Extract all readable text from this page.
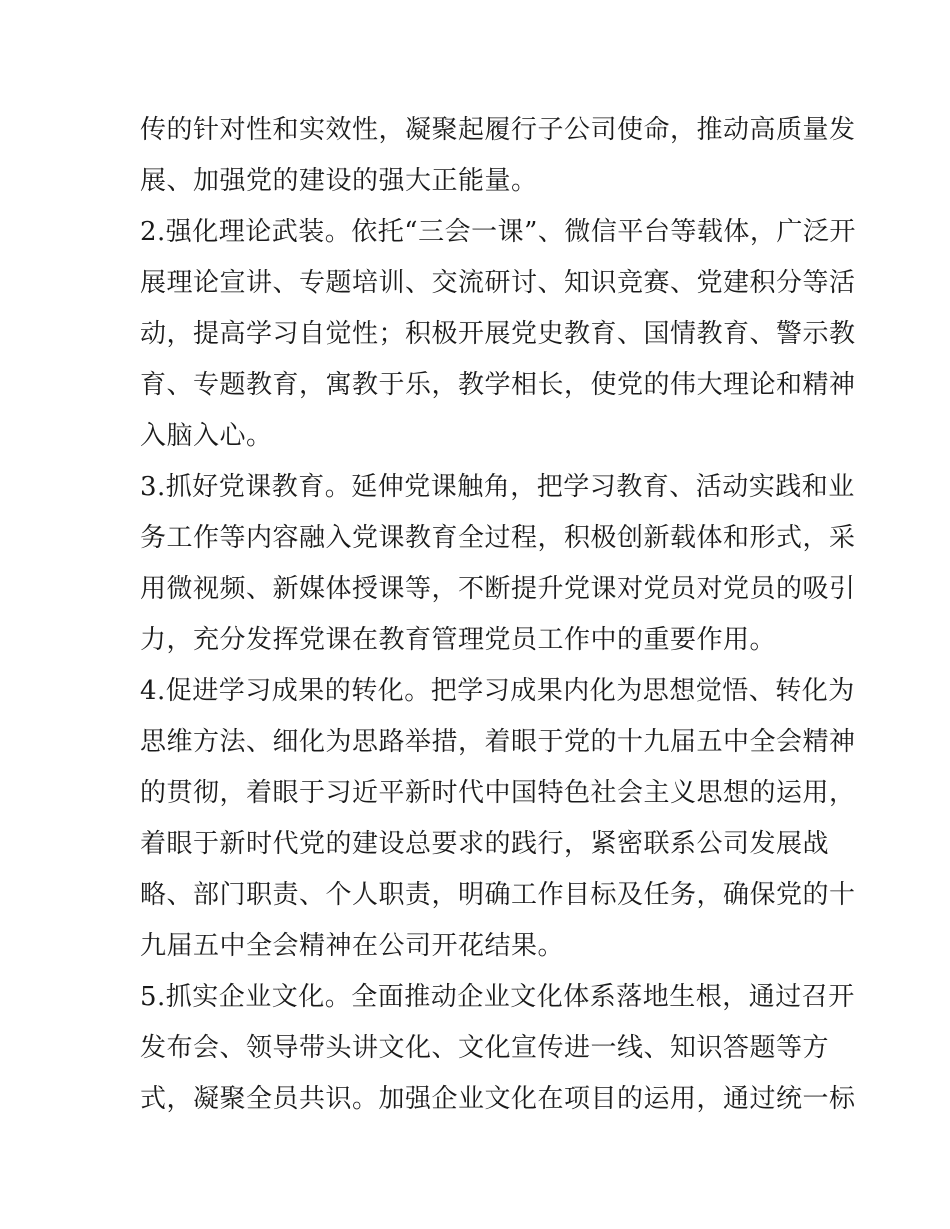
传的针对性和实效性，凝聚起履行子公司使命，推动高质量发
展、加强党的建设的强大正能量。
2.强化理论武装。依托“三会一课”、微信平台等载体，广泛开
展理论宣讲、专题培训、交流研讨、知识竞赛、党建积分等活
动，提高学习自觉性；积极开展党史教育、国情教育、警示教
育、专题教育，寓教于乐，教学相长，使党的伟大理论和精神
入脑入心。
3.抓好党课教育。延伸党课触角，把学习教育、活动实践和业
务工作等内容融入党课教育全过程，积极创新载体和形式，采
用微视频、新媒体授课等，不断提升党课对党员对党员的吸引
力，充分发挥党课在教育管理党员工作中的重要作用。
4.促进学习成果的转化。把学习成果内化为思想觉悟、转化为
思维方法、细化为思路举措，着眼于党的十九届五中全会精神
的贯彻，着眼于习近平新时代中国特色社会主义思想的运用，
着眼于新时代党的建设总要求的践行，紧密联系公司发展战
略、部门职责、个人职责，明确工作目标及任务，确保党的十
九届五中全会精神在公司开花结果。
5.抓实企业文化。全面推动企业文化体系落地生根，通过召开
发布会、领导带头讲文化、文化宣传进一线、知识答题等方
式，凝聚全员共识。加强企业文化在项目的运用，通过统一标
